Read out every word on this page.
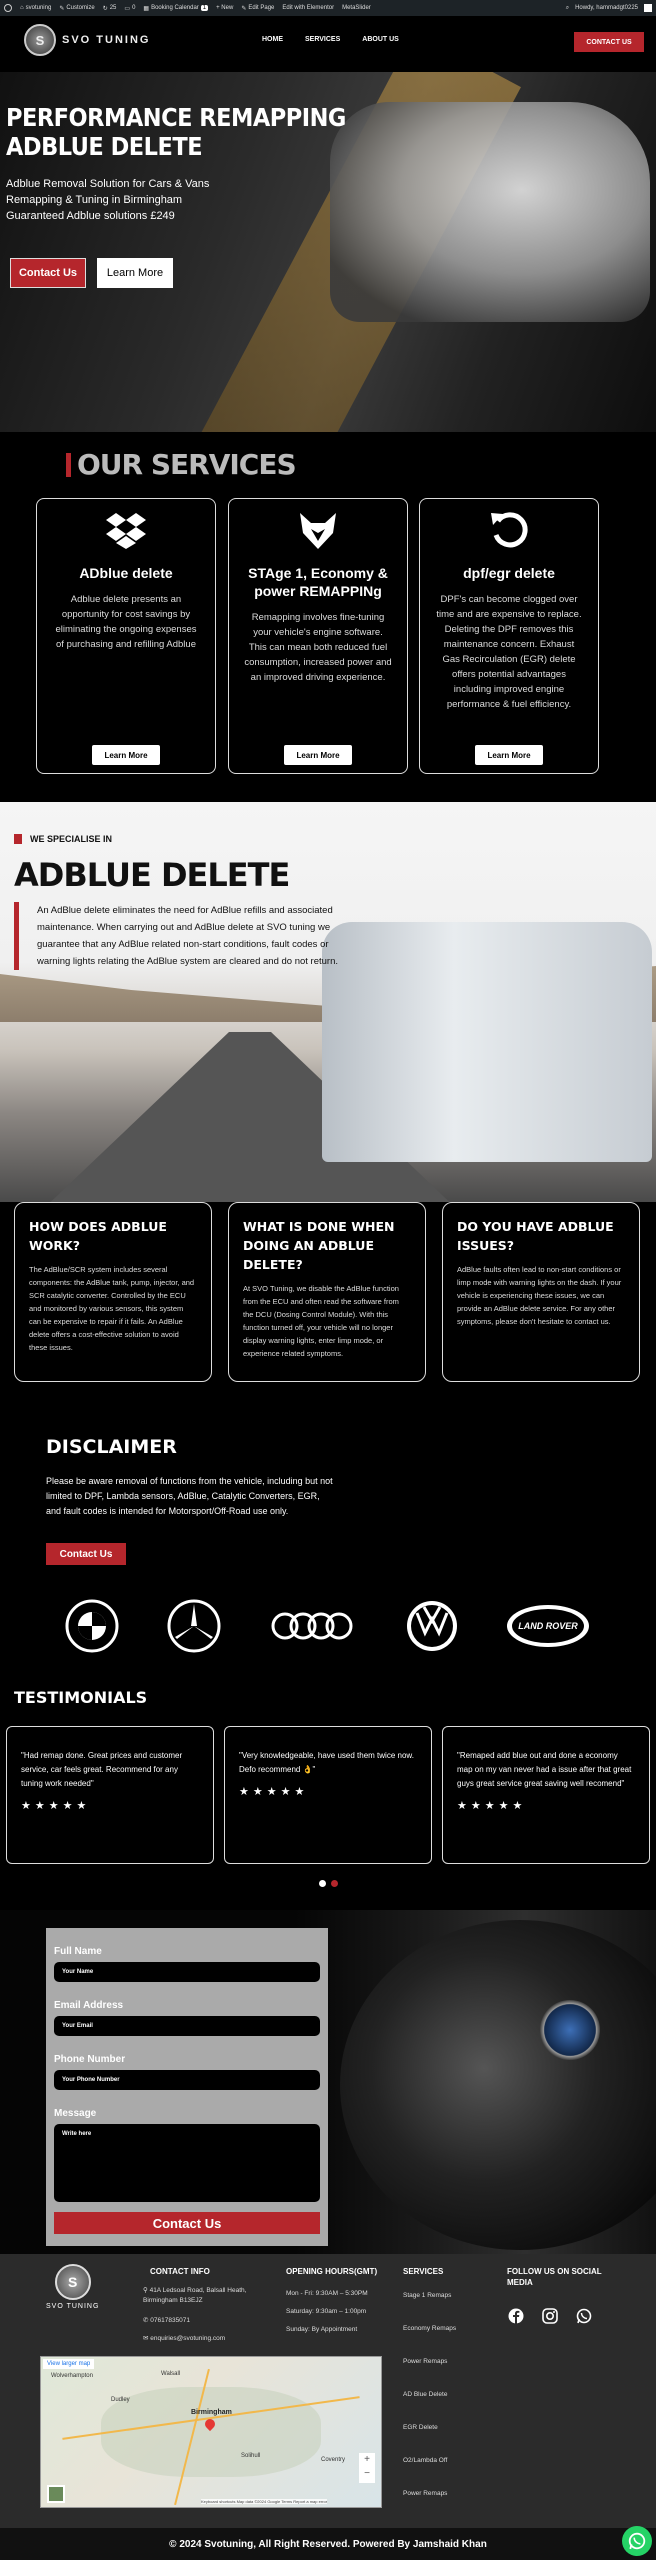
⌂ svotuning ✎ Customize ↻ 25 ▭ 0 ▦ Booking Calendar 1	+ New ✎ Edit Page Edit with Elementor MetaSlider	⌕ Howdy, hammadgt0225
S	SVO TUNING	HOME	SERVICES	ABOUT US	CONTACT US
PERFORMANCE REMAPPING
ADBLUE DELETE
Adblue Removal Solution for Cars & Vans
Remapping & Tuning in Birmingham
Guaranteed Adblue solutions £249
Contact Us	Learn More
OUR SERVICES
ADblue delete

Adblue delete presents an opportunity for cost savings by eliminating the ongoing expenses of purchasing and refilling Adblue

Learn More
STAge 1, Economy & power REMAPPINg

Remapping involves fine-tuning your vehicle's engine software. This can mean both reduced fuel consumption, increased power and an improved driving experience.

Learn More
dpf/egr delete

DPF's can become clogged over time and are expensive to replace. Deleting the DPF removes this maintenance concern. Exhaust Gas Recirculation (EGR) delete offers potential advantages including improved engine performance & fuel efficiency.

Learn More
WE SPECIALISE IN
ADBLUE DELETE
An AdBlue delete eliminates the need for AdBlue refills and associated maintenance. When carrying out and AdBlue delete at SVO tuning we guarantee that any AdBlue related non-start conditions, fault codes or warning lights relating the AdBlue system are cleared and do not return.
HOW DOES ADBLUE WORK?

The AdBlue/SCR system includes several components: the AdBlue tank, pump, injector, and SCR catalytic converter. Controlled by the ECU and monitored by various sensors, this system can be expensive to repair if it fails. An AdBlue delete offers a cost-effective solution to avoid these issues.

WHAT IS DONE WHEN DOING AN ADBLUE DELETE?

At SVO Tuning, we disable the AdBlue function from the ECU and often read the software from the DCU (Dosing Control Module). With this function turned off, your vehicle will no longer display warning lights, enter limp mode, or experience related symptoms.

DO YOU HAVE ADBLUE ISSUES?

AdBlue faults often lead to non-start conditions or limp mode with warning lights on the dash. If your vehicle is experiencing these issues, we can provide an AdBlue delete service. For any other symptoms, please don't hesitate to contact us.

DISCLAIMER
Please be aware removal of functions from the vehicle, including but not limited to DPF, Lambda sensors, AdBlue, Catalytic Converters, EGR, and fault codes is intended for Motorsport/Off-Road use only.
Contact Us
LAND ROVER
TESTIMONIALS

"Had remap done. Great prices and customer service, car feels great. Recommend for any tuning work needed"

★★★★★

"Very knowledgeable, have used them twice now. Defo recommend 👌"

★★★★★

"Remaped add blue out and done a economy map on my van never had a issue after that great guys great service great saving well recomend"

★★★★★
Full Name
Your Name
Email Address
Your Email
Phone Number
Your Phone Number
Message
Write here
Contact Us
S
SVO TUNING
CONTACT INFO
⚲ 41A Ledsoal Road, Balsall Heath, Birmingham B13EJZ
✆ 07617835071
✉ enquiries@svotuning.com
OPENING HOURS(GMT)
Mon - Fri: 9:30AM – 5:30PM
Saturday: 9:30am – 1:00pm
Sunday: By Appointment
SERVICES
Stage 1 Remaps
Economy Remaps
Power Remaps
AD Blue Delete
EGR Delete
O2/Lambda Off
Power Remaps
FOLLOW US ON SOCIAL MEDIA
View larger map
Dudley
Birmingham
Solihull
Walsall
Coventry
Wolverhampton
+
−
Keyboard shortcuts Map data ©2024 Google Terms Report a map error
© 2024 Svotuning, All Right Reserved. Powered By Jamshaid Khan
